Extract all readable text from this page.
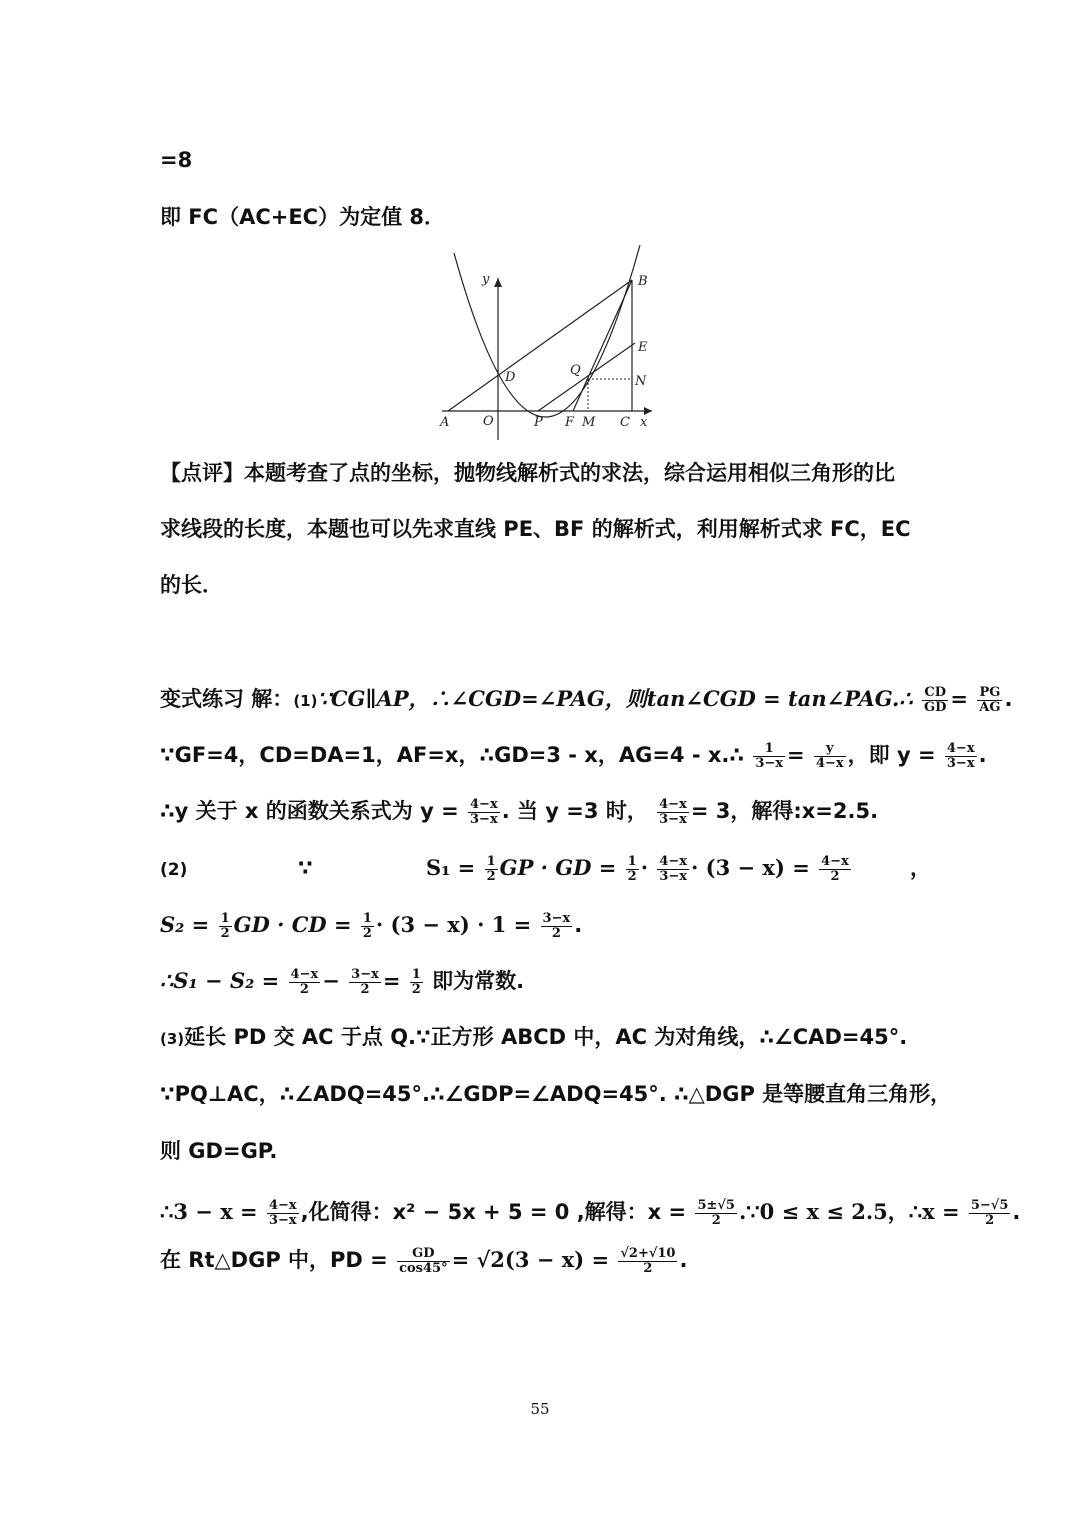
=8
即 FC（AC+EC）为定值 8．
y
x
B
E
D	Q
N
A	O	P F M C
【点评】本题考查了点的坐标，抛物线解析式的求法，综合运用相似三角形的比
求线段的长度，本题也可以先求直线 PE、BF 的解析式，利用解析式求 FC，EC
的长．
变式练习 解：(1)∵CG∥AP，∴∠CGD=∠PAG，则tan∠CGD = tan∠PAG.∴ $\frac{CD}{GD} = \frac{PG}{AG}$ .
∵GF=4，CD=DA=1，AF=x，∴GD=3 - x，AG=4 - x.∴ $\frac{1}{3-x} = \frac{y}{4-x}$ ，即 $y = \frac{4-x}{3-x}$ .
∴y 关于 x 的函数关系式为 $y = \frac{4-x}{3-x}$ . 当 y =3 时， $\frac{4-x}{3-x} = 3$，解得:x=2.5.
(2)	∵	$S_1 = \frac{1}{2}$ GP · GD = $\frac{1}{2} \cdot \frac{4-x}{3-x} \cdot (3 - x) = \frac{4-x}{2}$	，
$S_2 = \frac{1}{2}$ GD · CD = $\frac{1}{2} \cdot (3 - x) \cdot 1 = \frac{3-x}{2}$ .
∴S₁ − $S_2 = \frac{4-x}{2} - \frac{3-x}{2} = \frac{1}{2}$ 即为常数.
(3)延长 PD 交 AC 于点 Q.∵正方形 ABCD 中，AC 为对角线，∴∠CAD=45°.
∵PQ⊥AC，∴∠ADQ=45°.∴∠GDP=∠ADQ=45°. ∴△DGP 是等腰直角三角形，
则 GD=GP.
∴3 − $x = \frac{4-x}{3-x}$ ,化简得：x² − 5x + 5 = 0 ,解得：$x = \frac{5\pm√5}{2}$ .∵0 ≤ x ≤ 2.5，∴x = $\frac{5-√5}{2}$ .
在 Rt△DGP 中，PD = $\frac{GD}{\cos 45^\circ} = √2(3 - x) = \frac{√2+√10}{2}$ .
55
